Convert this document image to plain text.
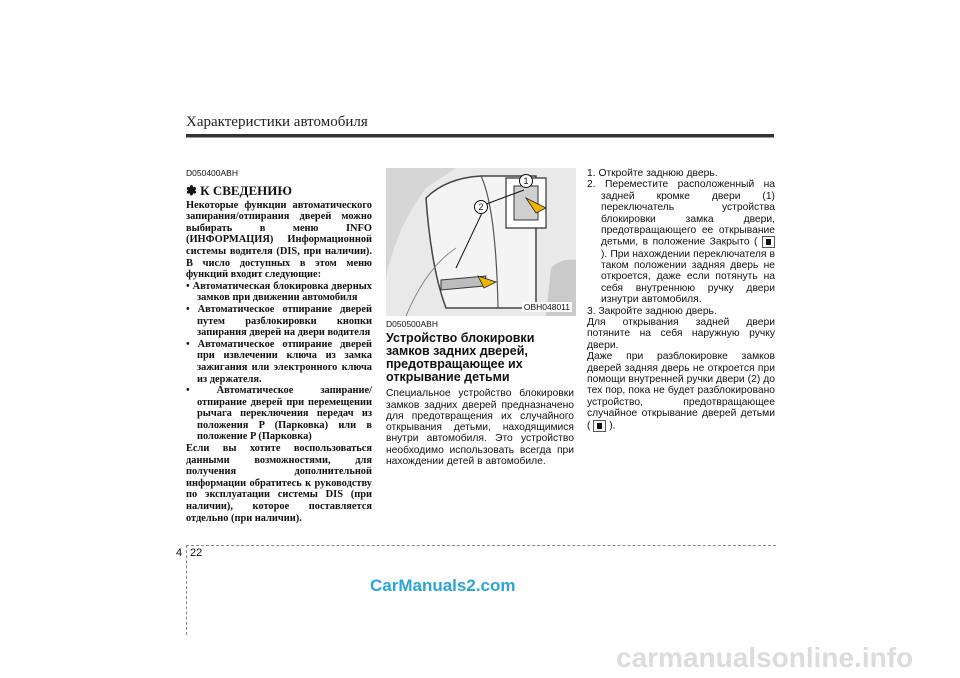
Характеристики автомобиля
D050400ABH
✽ К СВЕДЕНИЮ

Некоторые функции автоматического запирания/отпирания дверей можно выбирать в меню INFO (ИНФОРМАЦИЯ) Информационной системы водителя (DIS, при наличии). В число доступных в этом меню функций входит следующие:

• Автоматическая блокировка дверных замков при движении автомобиля
• Автоматическое отпирание дверей путем разблокировки кнопки запирания дверей на двери водителя
• Автоматическое отпирание дверей при извлечении ключа из замка зажигания или электронного ключа из держателя.
• Автоматическое запирание/ отпирание дверей при перемещении рычага переключения передач из положения P (Парковка) или в положение P (Парковка)

Если вы хотите воспользоваться данными возможностями, для получения дополнительной информации обратитесь к руководству по эксплуатации системы DIS (при наличии), которое поставляется отдельно (при наличии).

1
2
OBH048011
D050500ABH
Устройство блокировки замков задних дверей, предотвращающее их открывание детьми
Специальное устройство блокировки замков задних дверей предназначено для предотвращения их случайного открывания детьми, находящимися внутри автомобиля. Это устройство необходимо использовать всегда при нахождении детей в автомобиле.
1. Откройте заднюю дверь.
2. Переместите расположенный на задней кромке двери (1) переключатель устройства блокировки замка двери, предотвращающего ее открывание детьми, в положение Закрыто (  ). При нахождении переключателя в таком положении задняя дверь не откроется, даже если потянуть на себя внутреннюю ручку двери изнутри автомобиля.
3. Закройте заднюю дверь.

Для открывания задней двери потяните на себя наружную ручку двери.

Даже при разблокировке замков дверей задняя дверь не откроется при помощи внутренней ручки двери (2) до тех пор, пока не будет разблокировано устройство, предотвращающее случайное открывание дверей детьми ( ).

4 22
CarManuals2.com
carmanualsonline.info
